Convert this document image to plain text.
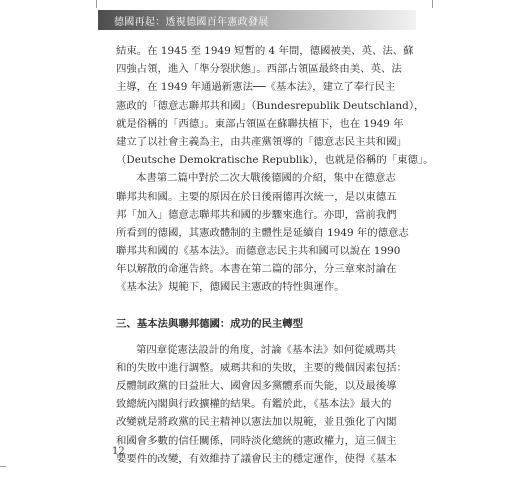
德國再起：透視德國百年憲政發展
結束。在 1945 至 1949 短暫的 4 年間，德國被美、英、法、蘇
四強占領，進入「準分裂狀態」。西部占領區最終由美、英、法
主導，在 1949 年通過新憲法──《基本法》，建立了奉行民主
憲政的「德意志聯邦共和國」（Bundesrepublik Deutschland），
就是俗稱的「西德」。東部占領區在蘇聯扶植下，也在 1949 年
建立了以社會主義為主，由共產黨領導的「德意志民主共和國」
（Deutsche Demokratische Republik），也就是俗稱的「東德」。
本書第二篇中對於二次大戰後德國的介紹，集中在德意志
聯邦共和國。主要的原因在於日後兩德再次統一，是以東德五
邦「加入」德意志聯邦共和國的步驟來進行。亦即，當前我們
所看到的德國，其憲政體制的主體性是延續自 1949 年的德意志
聯邦共和國的《基本法》。而德意志民主共和國可以說在 1990
年以解散的命運告終。本書在第二篇的部分，分三章來討論在
《基本法》規範下，德國民主憲政的特性與運作。
三、基本法與聯邦德國：成功的民主轉型
第四章從憲法設計的角度，討論《基本法》如何從威瑪共
和的失敗中進行調整。威瑪共和的失敗，主要的幾個因素包括：
反體制政黨的日益壯大、國會因多黨體系而失能，以及最後導
致總統內閣與行政擴權的結果。有鑑於此，《基本法》最大的
改變就是將政黨的民主精神以憲法加以規範，並且強化了內閣
和國會多數的信任關係，同時淡化總統的憲政權力，這三個主
要要件的改變，有效維持了議會民主的穩定運作，使得《基本
12
